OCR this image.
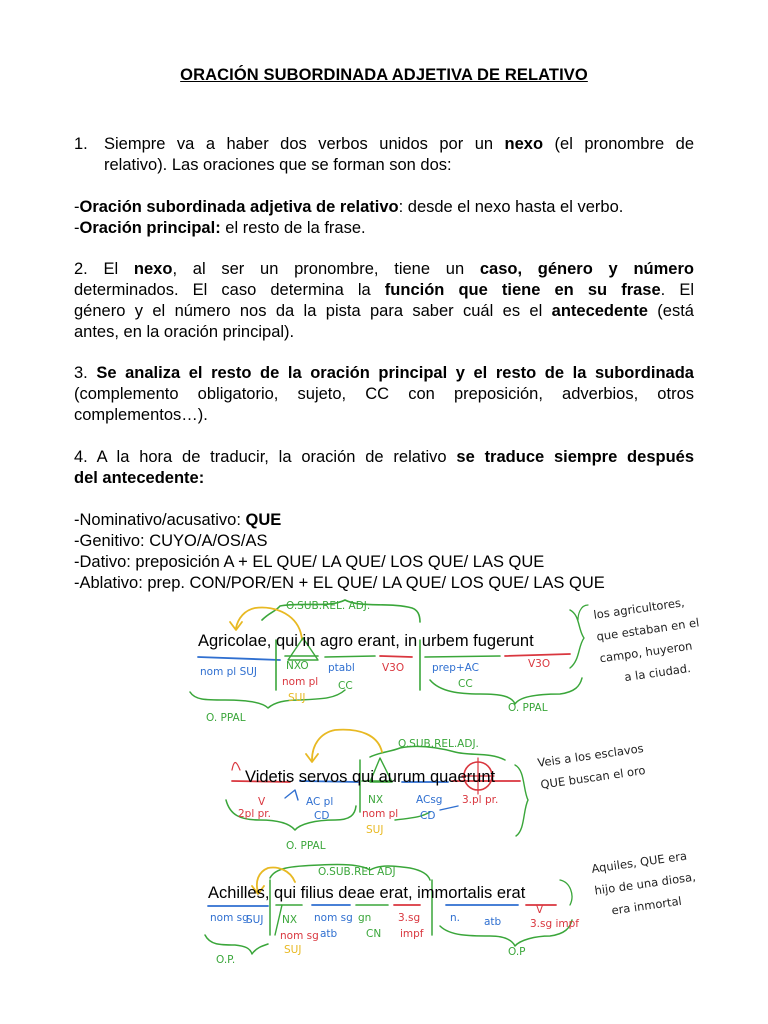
ORACIÓN SUBORDINADA ADJETIVA DE RELATIVO
1. Siempre va a haber dos verbos unidos por un nexo (el pronombre de
relativo). Las oraciones que se forman son dos:
-Oración subordinada adjetiva de relativo: desde el nexo hasta el verbo.
-Oración principal: el resto de la frase.
2. El nexo, al ser un pronombre, tiene un caso, género y número
determinados. El caso determina la función que tiene en su frase. El
género y el número nos da la pista para saber cuál es el antecedente (está
antes, en la oración principal).
3. Se analiza el resto de la oración principal y el resto de la subordinada
(complemento obligatorio, sujeto, CC con preposición, adverbios, otros
complementos…).
4. A la hora de traducir, la oración de relativo se traduce siempre después
del antecedente:
-Nominativo/acusativo: QUE
-Genitivo: CUYO/A/OS/AS
-Dativo: preposición A + EL QUE/ LA QUE/ LOS QUE/ LAS QUE
-Ablativo: prep. CON/POR/EN + EL QUE/ LA QUE/ LOS QUE/ LAS QUE
Agricolae, qui in agro erant, in urbem fugerunt
Videtis servos qui aurum quaerunt
Achilles, qui filius deae erat, immortalis erat
O.SUB.REL. ADJ.
nom pl SUJ	NXO
nom pl
SUJ
ptabl
CC
V3O	prep+AC
CC
V3O
O. PPAL
O. PPAL
O.SUB.REL.ADJ.
V
2pl pr.
AC pl
CD
NX
nom pl
SUJ
ACsg
CD
3.pl pr.
O. PPAL
O.SUB.REL ADJ
nom sg
SUJ NX
nom sg
SUJ
nom sg
atb
gn
CN
3.sg
impf
n. atb
V
3.sg impf
O.P.
O.P
los agricultores,
que estaban en el
campo, huyeron
a la ciudad.
Veis a los esclavos
QUE buscan el oro
Aquiles, QUE era
hijo de una diosa,
era inmortal
